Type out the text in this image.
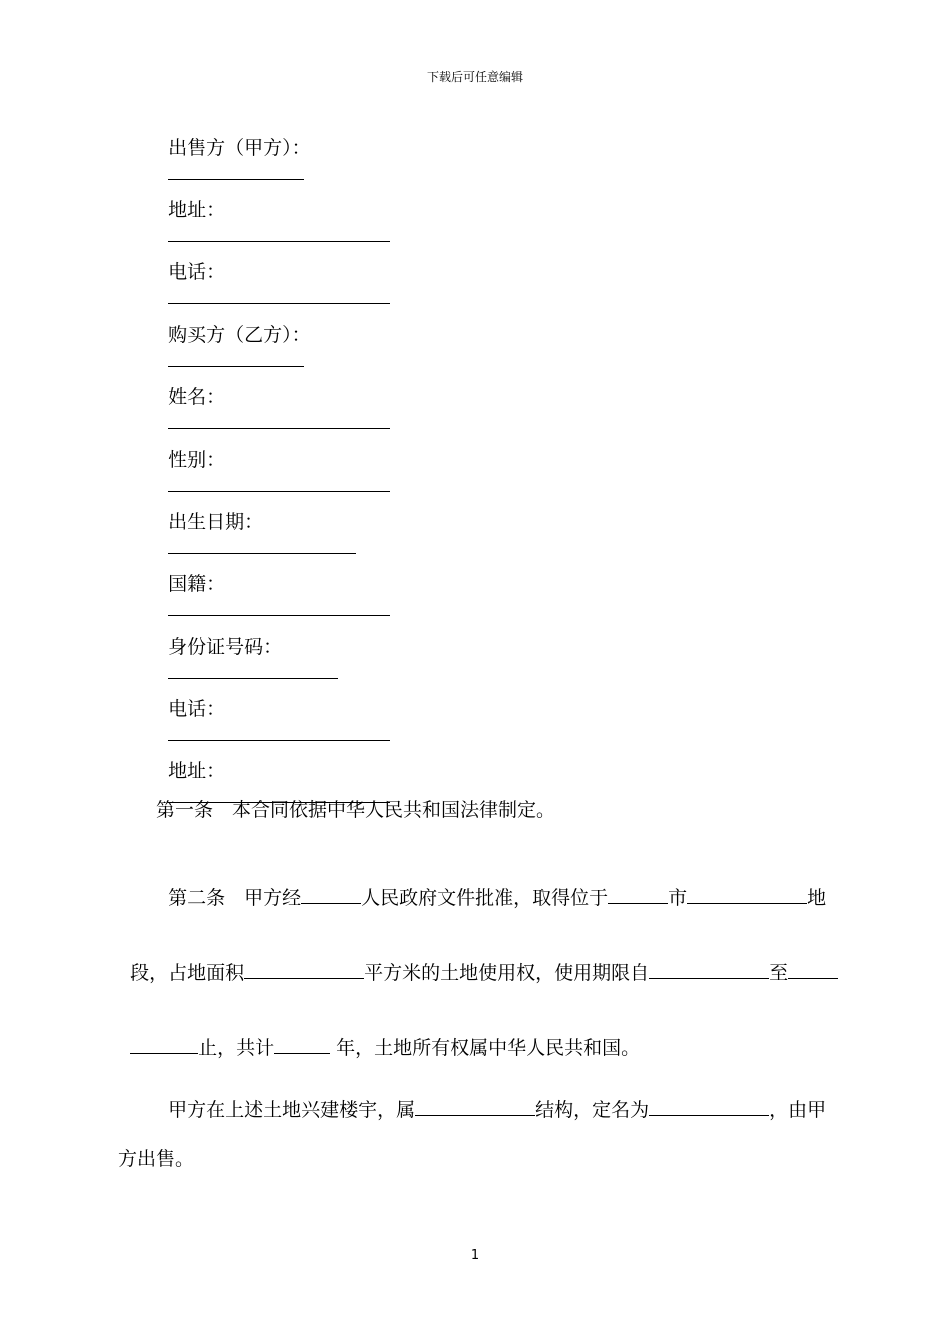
下载后可任意编辑

出售方（甲方）：

地址：

电话：

购买方（乙方）：

姓名：

性别：

出生日期：

国籍：

身份证号码：

电话：

地址：

第一条　本合同依据中华人民共和国法律制定。

第二条　甲方经	人民政府文件批准，取得位于	市	地

段，占地面积	平方米的土地使用权，使用期限自	至

止，共计	年，土地所有权属中华人民共和国。

甲方在上述土地兴建楼宇，属	结构，定名为	，由甲

方出售。
1
